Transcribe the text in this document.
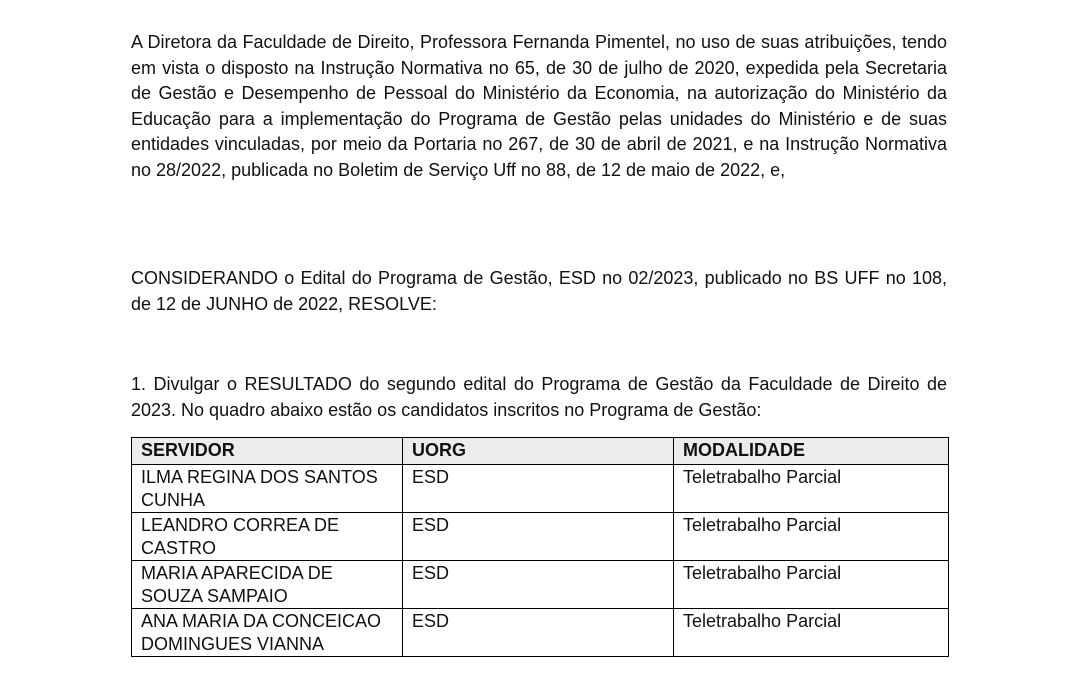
A Diretora da Faculdade de Direito, Professora Fernanda Pimentel, no uso de suas atribuições, tendo em vista o disposto na Instrução Normativa no 65, de 30 de julho de 2020, expedida pela Secretaria de Gestão e Desempenho de Pessoal do Ministério da Economia, na autorização do Ministério da Educação para a implementação do Programa de Gestão pelas unidades do Ministério e de suas entidades vinculadas, por meio da Portaria no 267, de 30 de abril de 2021, e na Instrução Normativa no 28/2022, publicada no Boletim de Serviço Uff no 88, de 12 de maio de 2022, e,

CONSIDERANDO o Edital do Programa de Gestão, ESD no 02/2023, publicado no BS UFF no 108, de 12 de JUNHO de 2022, RESOLVE:

1. Divulgar o RESULTADO do segundo edital do Programa de Gestão da Faculdade de Direito de 2023. No quadro abaixo estão os candidatos inscritos no Programa de Gestão:

SERVIDOR	UORG	MODALIDADE
ILMA REGINA DOS SANTOS CUNHA	ESD	Teletrabalho Parcial
LEANDRO CORREA DE CASTRO	ESD	Teletrabalho Parcial
MARIA APARECIDA DE SOUZA SAMPAIO	ESD	Teletrabalho Parcial
ANA MARIA DA CONCEICAO DOMINGUES VIANNA	ESD	Teletrabalho Parcial
